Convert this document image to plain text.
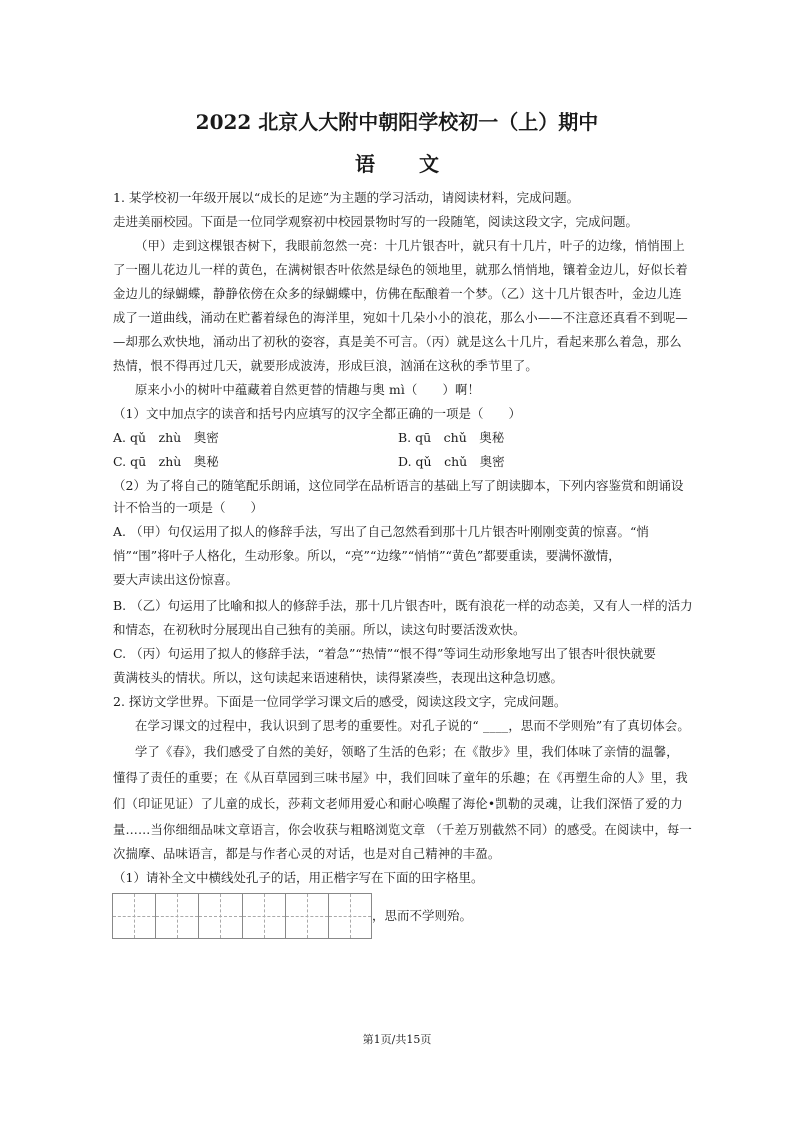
2022 北京人大附中朝阳学校初一（上）期中
语 文
1. 某学校初一年级开展以“成长的足迹”为主题的学习活动，请阅读材料，完成问题。
走进美丽校园。下面是一位同学观察初中校园景物时写的一段随笔，阅读这段文字，完成问题。
（甲）走到这棵银杏树下，我眼前忽然一亮：十几片银杏叶，就只有十几片，叶子的边缘，悄悄围上
了一圈儿花边儿一样的黄色，在满树银杏叶依然是绿色的领地里，就那么悄悄地，镶着金边儿，好似长着
金边儿的绿蝴蝶，静静依傍在众多的绿蝴蝶中，仿佛在酝酿着一个梦。（乙）这十几片银杏叶，金边儿连
成了一道曲线，涌动在贮蓄着绿色的海洋里，宛如十几朵小小的浪花，那么小——不注意还真看不到呢—
—却那么欢快地，涌动出了初秋的姿容，真是美不可言。（丙）就是这么十几片，看起来那么着急，那么
热情，恨不得再过几天，就要形成波涛，形成巨浪，汹涌在这秋的季节里了。
原来小小的树叶中蕴藏着自然更替的情趣与奥 mì（　　）啊！
（1）文中加点字的读音和括号内应填写的汉字全都正确的一项是（　　）
A. qǔ　zhù　奥密	B. qū　chǔ　奥秘
C. qū　zhù　奥秘	D. qǔ　chǔ　奥密
（2）为了将自己的随笔配乐朗诵，这位同学在品析语言的基础上写了朗读脚本，下列内容鉴赏和朗诵设
计不恰当的一项是（　　）
A. （甲）句仅运用了拟人的修辞手法，写出了自己忽然看到那十几片银杏叶刚刚变黄的惊喜。“悄
悄”“围”将叶子人格化，生动形象。所以，“亮”“边缘”“悄悄”“黄色”都要重读，要满怀激情，
要大声读出这份惊喜。
B. （乙）句运用了比喻和拟人的修辞手法，那十几片银杏叶，既有浪花一样的动态美，又有人一样的活力
和情态，在初秋时分展现出自己独有的美丽。所以，读这句时要活泼欢快。
C. （丙）句运用了拟人的修辞手法，“着急”“热情”“恨不得”等词生动形象地写出了银杏叶很快就要
黄满枝头的情状。所以，这句读起来语速稍快，读得紧凑些，表现出这种急切感。
2. 探访文学世界。下面是一位同学学习课文后的感受，阅读这段文字，完成问题。
在学习课文的过程中，我认识到了思考的重要性。对孔子说的“ ____，思而不学则殆”有了真切体会。
学了《春》，我们感受了自然的美好，领略了生活的色彩；在《散步》里，我们体味了亲情的温馨，
懂得了责任的重要；在《从百草园到三味书屋》中，我们回味了童年的乐趣；在《再塑生命的人》里，我
们（印证见证）了儿童的成长，莎莉文老师用爱心和耐心唤醒了海伦•凯勒的灵魂，让我们深悟了爱的力
量……当你细细品味文章语言，你会收获与粗略浏览文章 （千差万别截然不同）的感受。在阅读中，每一
次揣摩、品味语言，都是与作者心灵的对话，也是对自己精神的丰盈。
（1）请补全文中横线处孔子的话，用正楷字写在下面的田字格里。
，思而不学则殆。
第1页/共15页
